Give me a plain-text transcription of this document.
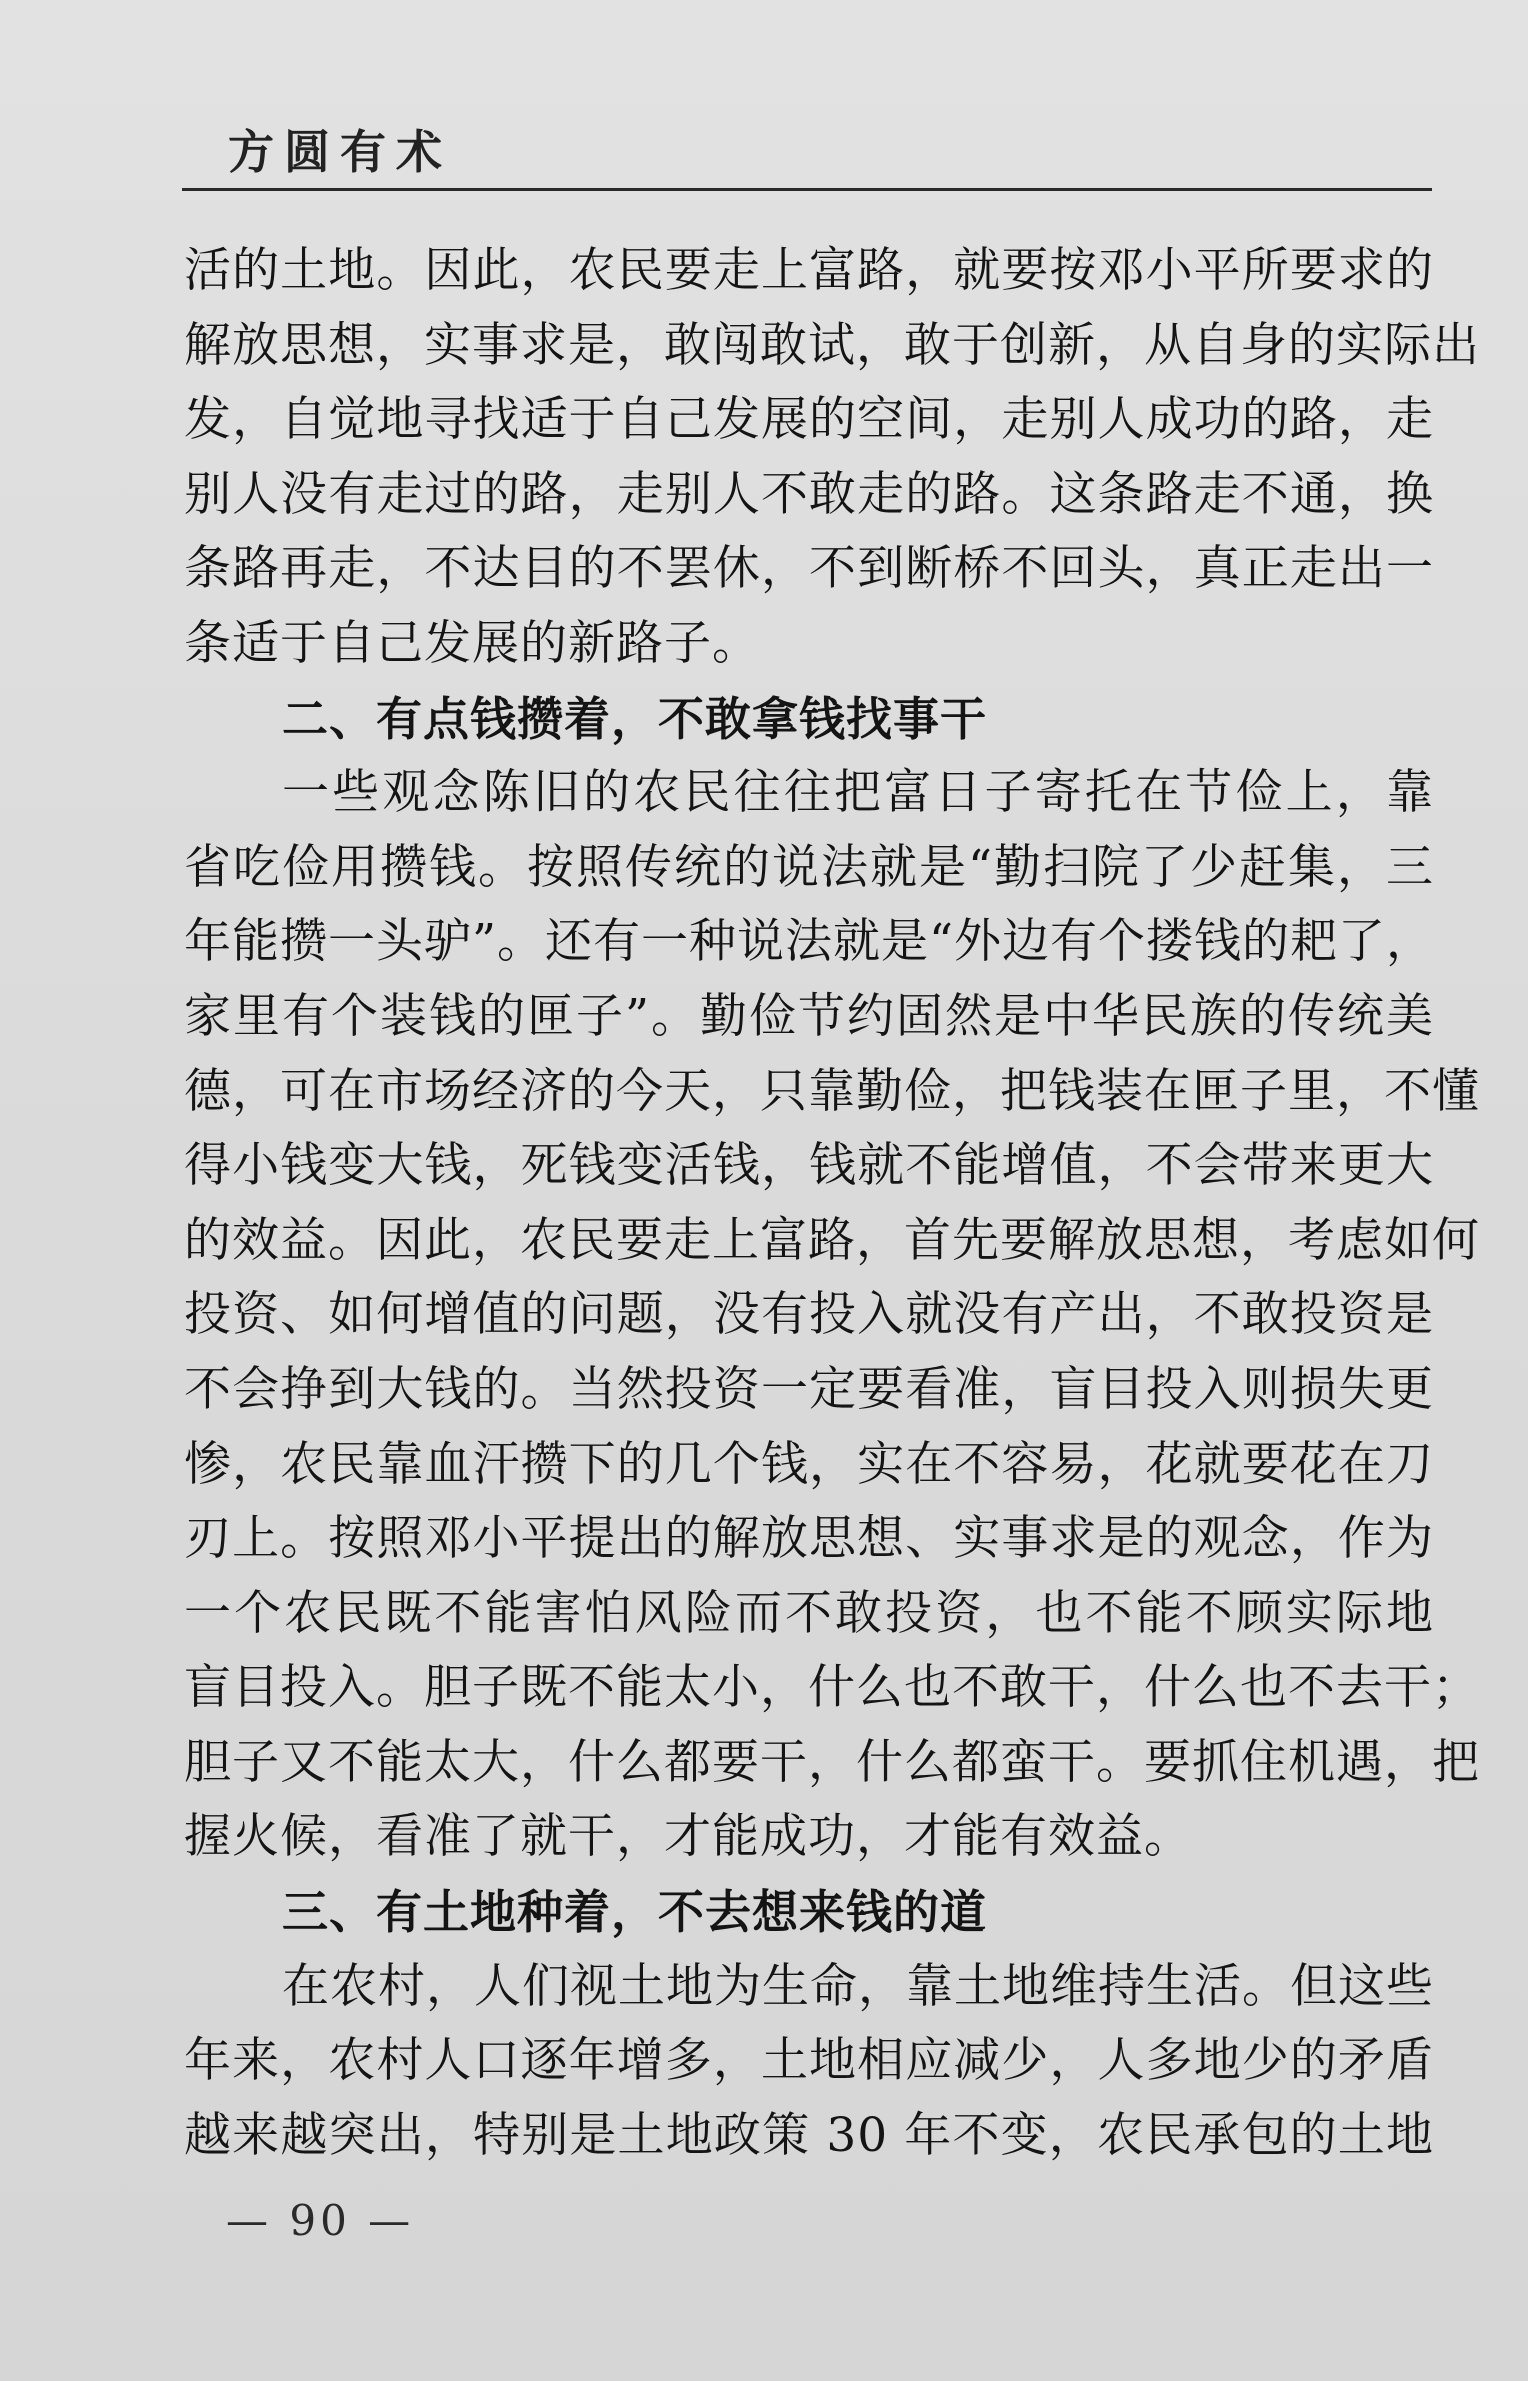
方圆有术
活的土地。因此，农民要走上富路，就要按邓小平所要求的
解放思想，实事求是，敢闯敢试，敢于创新，从自身的实际出
发，自觉地寻找适于自己发展的空间，走别人成功的路，走
别人没有走过的路，走别人不敢走的路。这条路走不通，换
条路再走，不达目的不罢休，不到断桥不回头，真正走出一
条适于自己发展的新路子。
二、有点钱攒着，不敢拿钱找事干
一些观念陈旧的农民往往把富日子寄托在节俭上，靠
省吃俭用攒钱。按照传统的说法就是“勤扫院了少赶集，三
年能攒一头驴”。还有一种说法就是“外边有个搂钱的耙了，
家里有个装钱的匣子”。勤俭节约固然是中华民族的传统美
德，可在市场经济的今天，只靠勤俭，把钱装在匣子里，不懂
得小钱变大钱，死钱变活钱，钱就不能增值，不会带来更大
的效益。因此，农民要走上富路，首先要解放思想，考虑如何
投资、如何增值的问题，没有投入就没有产出，不敢投资是
不会挣到大钱的。当然投资一定要看准，盲目投入则损失更
惨，农民靠血汗攒下的几个钱，实在不容易，花就要花在刀
刃上。按照邓小平提出的解放思想、实事求是的观念，作为
一个农民既不能害怕风险而不敢投资，也不能不顾实际地
盲目投入。胆子既不能太小，什么也不敢干，什么也不去干；
胆子又不能太大，什么都要干，什么都蛮干。要抓住机遇，把
握火候，看准了就干，才能成功，才能有效益。
三、有土地种着，不去想来钱的道
在农村，人们视土地为生命，靠土地维持生活。但这些
年来，农村人口逐年增多，土地相应减少，人多地少的矛盾
越来越突出，特别是土地政策 30 年不变，农民承包的土地
— 90 —
